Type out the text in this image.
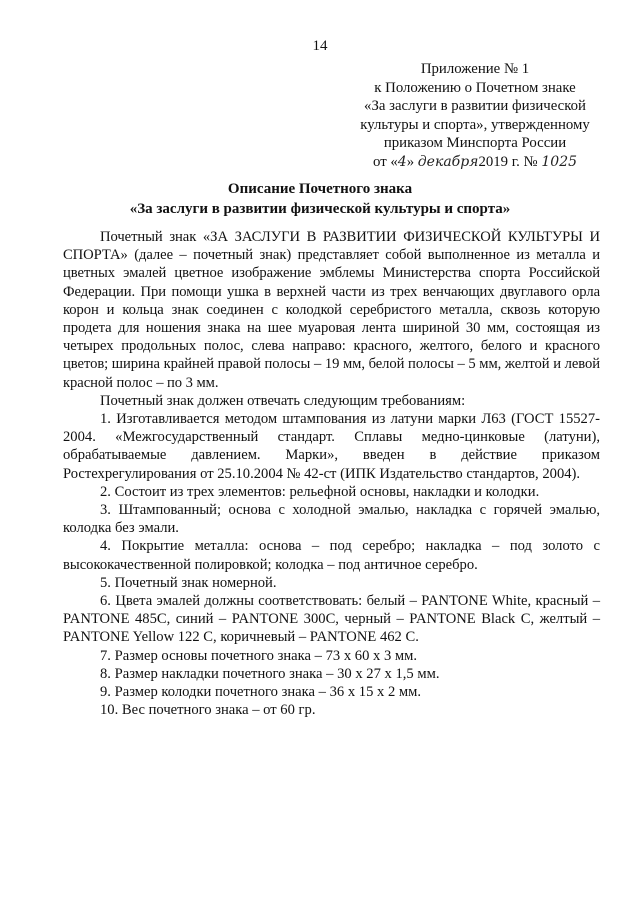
14
Приложение № 1
к Положению о Почетном знаке
«За заслуги в развитии физической
культуры и спорта», утвержденному
приказом Минспорта России
от «4» декабря2019 г. № 1025
Описание Почетного знака
«За заслуги в развитии физической культуры и спорта»

Почетный знак «ЗА ЗАСЛУГИ В РАЗВИТИИ ФИЗИЧЕСКОЙ КУЛЬТУРЫ И СПОРТА» (далее – почетный знак) представляет собой выполненное из металла и цветных эмалей цветное изображение эмблемы Министерства спорта Российской Федерации. При помощи ушка в верхней части из трех венчающих двуглавого орла корон и кольца знак соединен с колодкой серебристого металла, сквозь которую продета для ношения знака на шее муаровая лента шириной 30 мм, состоящая из четырех продольных полос, слева направо: красного, желтого, белого и красного цветов; ширина крайней правой полосы – 19 мм, белой полосы – 5 мм, желтой и левой красной полос – по 3 мм.

Почетный знак должен отвечать следующим требованиям:

1. Изготавливается методом штампования из латуни марки Л63 (ГОСТ 15527-2004. «Межгосударственный стандарт. Сплавы медно-цинковые (латуни), обрабатываемые давлением. Марки», введен в действие приказом Ростехрегулирования от 25.10.2004 № 42-ст (ИПК Издательство стандартов, 2004).

2. Состоит из трех элементов: рельефной основы, накладки и колодки.

3. Штампованный; основа с холодной эмалью, накладка с горячей эмалью, колодка без эмали.

4. Покрытие металла: основа – под серебро; накладка – под золото с высококачественной полировкой; колодка – под античное серебро.

5. Почетный знак номерной.

6. Цвета эмалей должны соответствовать: белый – PANTONE White, красный – PANTONE 485C, синий – PANTONE 300C, черный – PANTONE Black C, желтый – PANTONE Yellow 122 C, коричневый – PANTONE 462 C.

7. Размер основы почетного знака – 73 х 60 х 3 мм.

8. Размер накладки почетного знака – 30 х 27 х 1,5 мм.

9. Размер колодки почетного знака – 36 х 15 х 2 мм.

10. Вес почетного знака – от 60 гр.
